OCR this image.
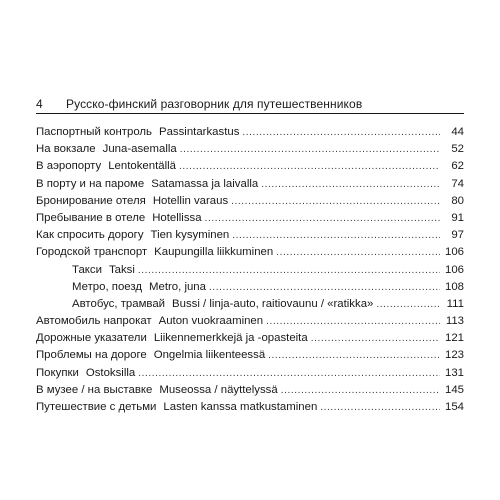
4	Русско-финский разговорник для путешественников
Паспортный контроль Passintarkastus .....	44
На вокзале Juna-asemalla .....	52
В аэропорту Lentokentällä .....	62
В порту и на пароме Satamassa ja laivalla .....	74
Бронирование отеля Hotellin varaus .....	80
Пребывание в отеле Hotellissa .....	91
Как спросить дорогу Tien kysyminen .....	97
Городской транспорт Kaupungilla liikkuminen .....	106
Такси Taksi .....	106
Метро, поезд Metro, juna .....	108
Автобус, трамвай Bussi / linja-auto, raitiovaunu / «ratikka» .....	111
Автомобиль напрокат Auton vuokraaminen .....	113
Дорожные указатели Liikennemerkkejä ja -opasteita .....	121
Проблемы на дороге Ongelmia liikenteessä .....	123
Покупки Ostoksilla .....	131
В музее / на выставке Museossa / näyttelyssä .....	145
Путешествие с детьми Lasten kanssa matkustaminen .....	154
